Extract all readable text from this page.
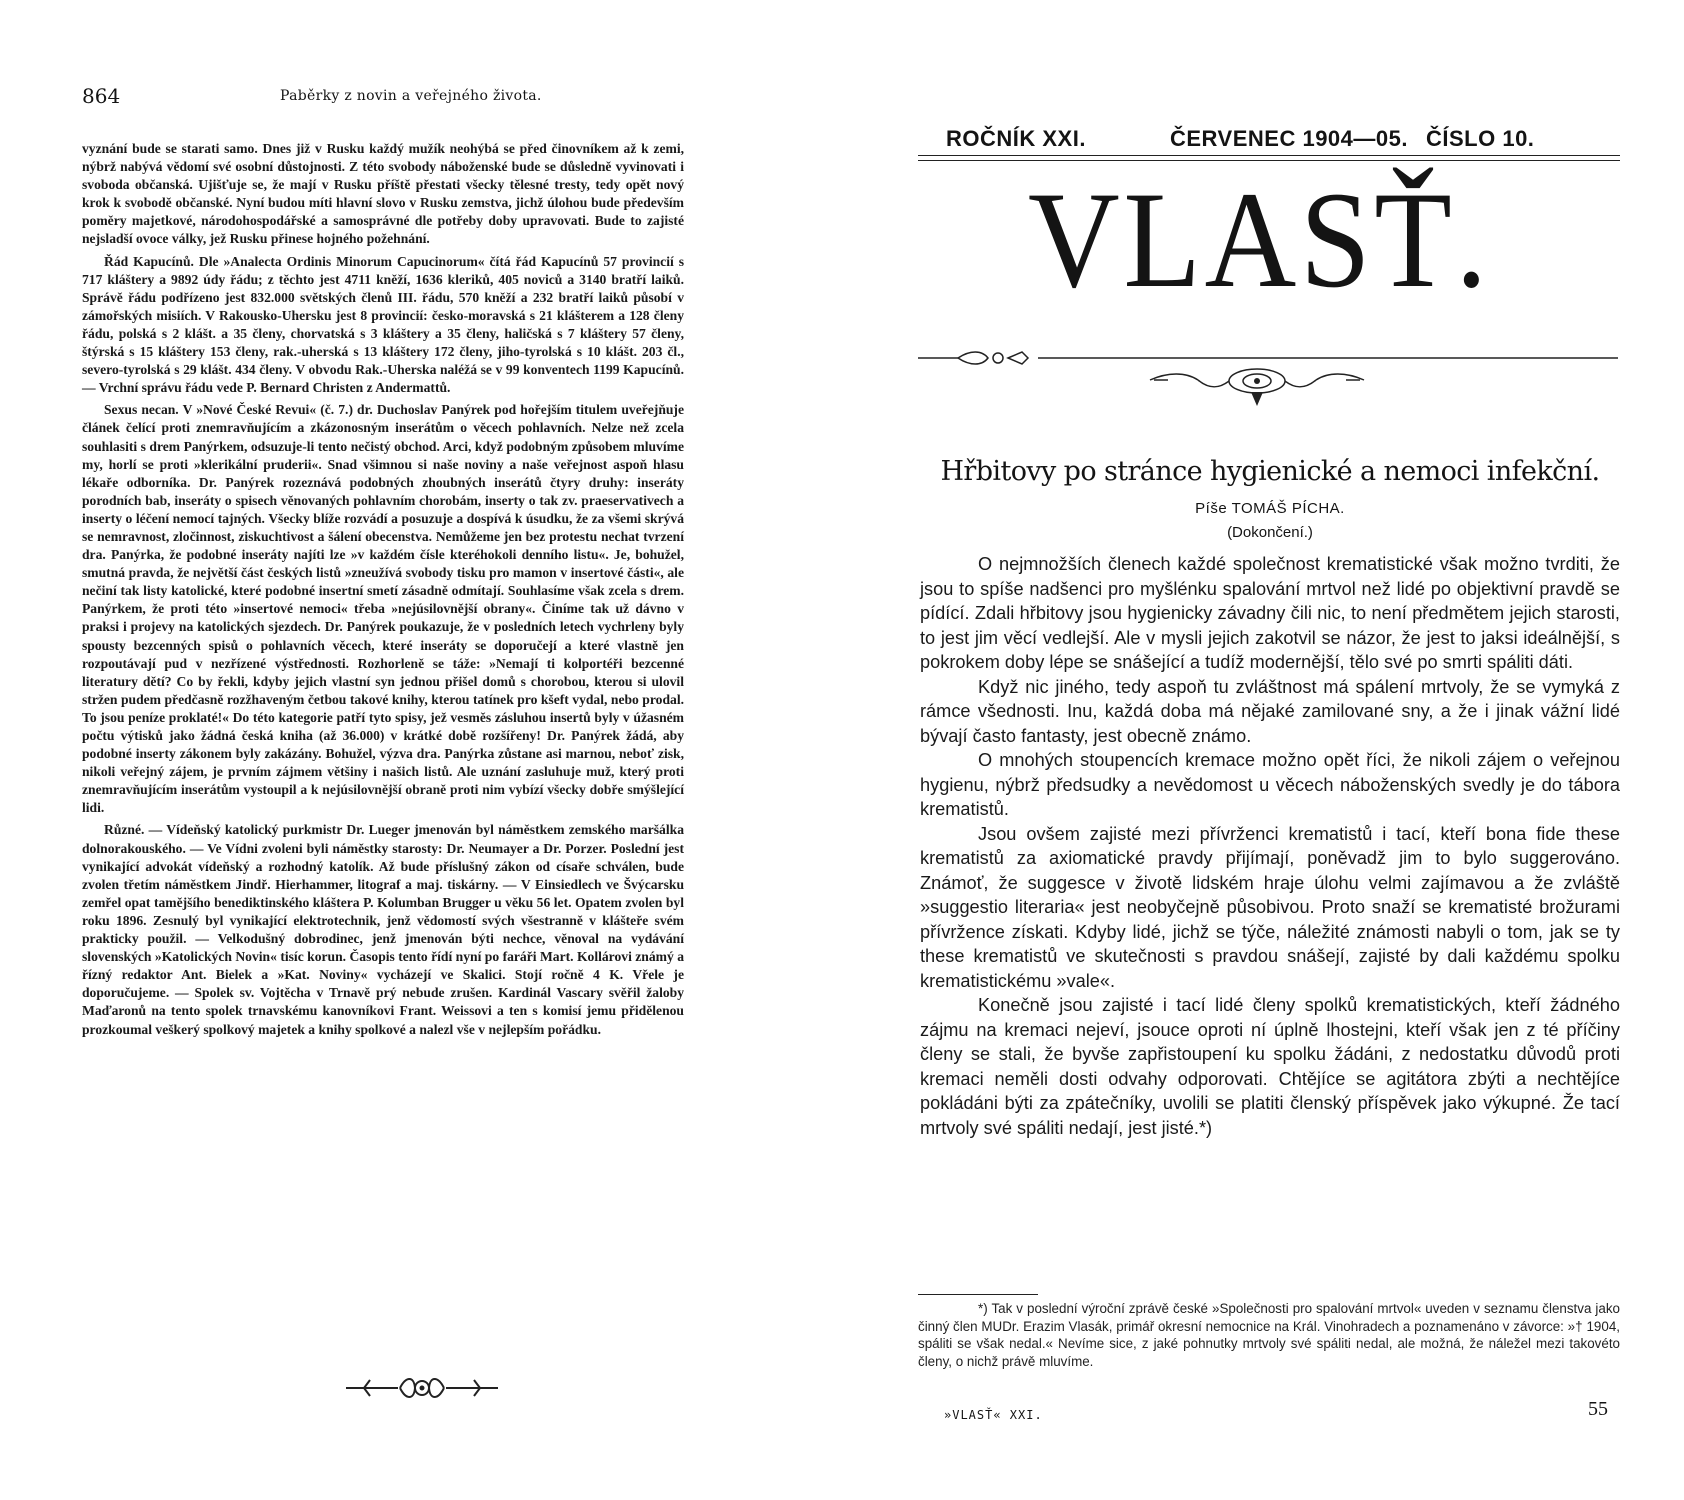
864	Paběrky z novin a veřejného života.

vyznání bude se starati samo. Dnes již v Rusku každý mužík neohýbá se před činovníkem až k zemi, nýbrž nabývá vědomí své osobní důstojnosti. Z této svobody náboženské bude se důsledně vyvinovati i svoboda občanská. Ujišťuje se, že mají v Rusku příště přestati všecky tělesné tresty, tedy opět nový krok k svobodě občanské. Nyní budou míti hlavní slovo v Rusku zemstva, jichž úlohou bude především poměry majetkové, národohospodářské a samosprávné dle potřeby doby upravovati. Bude to zajisté nejsladší ovoce války, jež Rusku přinese hojného požehnání.

Řád Kapucínů. Dle »Analecta Ordinis Minorum Capucinorum« čítá řád Kapucínů 57 provincií s 717 kláštery a 9892 údy řádu; z těchto jest 4711 kněží, 1636 kleriků, 405 noviců a 3140 bratří laiků. Správě řádu podřízeno jest 832.000 světských členů III. řádu, 570 kněží a 232 bratří laiků působí v zámořských misiích. V Rakousko-Uhersku jest 8 provincií: česko-moravská s 21 klášterem a 128 členy řádu, polská s 2 klášt. a 35 členy, chorvatská s 3 kláštery a 35 členy, haličská s 7 kláštery 57 členy, štýrská s 15 kláštery 153 členy, rak.-uherská s 13 kláštery 172 členy, jiho-tyrolská s 10 klášt. 203 čl., severo-tyrolská s 29 klášt. 434 členy. V obvodu Rak.-Uherska naléžá se v 99 konventech 1199 Kapucínů. — Vrchní správu řádu vede P. Bernard Christen z Andermattů.

Sexus necan. V »Nové České Revui« (č. 7.) dr. Duchoslav Panýrek pod hořejším titulem uveřejňuje článek čelící proti znemravňujícím a zkázonosným inserátům o věcech pohlavních. Nelze než zcela souhlasiti s drem Panýrkem, odsuzuje-li tento nečistý obchod. Arci, když podobným způsobem mluvíme my, horlí se proti »klerikální pruderii«. Snad všimnou si naše noviny a naše veřejnost aspoň hlasu lékaře odborníka. Dr. Panýrek rozeznává podobných zhoubných inserátů čtyry druhy: inseráty porodních bab, inseráty o spisech věnovaných pohlavním chorobám, inserty o tak zv. praeservativech a inserty o léčení nemocí tajných. Všecky blíže rozvádí a posuzuje a dospívá k úsudku, že za všemi skrývá se nemravnost, zločinnost, ziskuchtivost a šálení obecenstva. Nemůžeme jen bez protestu nechat tvrzení dra. Panýrka, že podobné inseráty najíti lze »v každém čísle kteréhokoli denního listu«. Je, bohužel, smutná pravda, že největší část českých listů »zneužívá svobody tisku pro mamon v insertové části«, ale nečiní tak listy katolické, které podobné insertní smetí zásadně odmítají. Souhlasíme však zcela s drem. Panýrkem, že proti této »insertové nemoci« třeba »nejúsilovnější obrany«. Činíme tak už dávno v praksi i projevy na katolických sjezdech. Dr. Panýrek poukazuje, že v posledních letech vychrleny byly spousty bezcenných spisů o pohlavních věcech, které inseráty se doporučejí a které vlastně jen rozpoutávají pud v nezřízené výstřednosti. Rozhorleně se táže: »Nemají ti kolportéři bezcenné literatury dětí? Co by řekli, kdyby jejich vlastní syn jednou přišel domů s chorobou, kterou si ulovil stržen pudem předčasně rozžhaveným četbou takové knihy, kterou tatínek pro kšeft vydal, nebo prodal. To jsou peníze proklaté!« Do této kategorie patří tyto spisy, jež vesměs zásluhou insertů byly v úžasném počtu výtisků jako žádná česká kniha (až 36.000) v krátké době rozšířeny! Dr. Panýrek žádá, aby podobné inserty zákonem byly zakázány. Bohužel, výzva dra. Panýrka zůstane asi marnou, neboť zisk, nikoli veřejný zájem, je prvním zájmem většiny i našich listů. Ale uznání zasluhuje muž, který proti znemravňujícím inserátům vystoupil a k nejúsilovnější obraně proti nim vybízí všecky dobře smýšlející lidi.

Různé. — Vídeňský katolický purkmistr Dr. Lueger jmenován byl náměstkem zemského maršálka dolnorakouského. — Ve Vídni zvoleni byli náměstky starosty: Dr. Neumayer a Dr. Porzer. Poslední jest vynikající advokát vídeňský a rozhodný katolík. Až bude příslušný zákon od císaře schválen, bude zvolen třetím náměstkem Jindř. Hierhammer, litograf a maj. tiskárny. — V Einsiedlech ve Švýcarsku zemřel opat tamějšího benediktinského kláštera P. Kolumban Brugger u věku 56 let. Opatem zvolen byl roku 1896. Zesnulý byl vynikající elektrotechnik, jenž vědomostí svých všestranně v klášteře svém prakticky použil. — Velkodušný dobrodinec, jenž jmenován býti nechce, věnoval na vydávání slovenských »Katolických Novin« tisíc korun. Časopis tento řídí nyní po faráři Mart. Kollárovi známý a řízný redaktor Ant. Bielek a »Kat. Noviny« vycházejí ve Skalici. Stojí ročně 4 K. Vřele je doporučujeme. — Spolek sv. Vojtěcha v Trnavě prý nebude zrušen. Kardinál Vascary svěřil žaloby Maďaronů na tento spolek trnavskému kanovníkovi Frant. Weissovi a ten s komisí jemu přidělenou prozkoumal veškerý spolkový majetek a knihy spolkové a nalezl vše v nejlepším pořádku.

ROČNÍK XXI.	ČERVENEC 1904—05. ČÍSLO 10.
VLASŤ.
Hřbitovy po stránce hygienické a nemoci infekční.
Píše TOMÁŠ PÍCHA.
(Dokončení.)

O nejmnožších členech každé společnost krematistické však možno tvrditi, že jsou to spíše nadšenci pro myšlénku spalování mrtvol než lidé po objektivní pravdě se pídící. Zdali hřbitovy jsou hygienicky závadny čili nic, to není předmětem jejich starosti, to jest jim věcí vedlejší. Ale v mysli jejich zakotvil se názor, že jest to jaksi ideálnější, s pokrokem doby lépe se snášející a tudíž modernější, tělo své po smrti spáliti dáti.

Když nic jiného, tedy aspoň tu zvláštnost má spálení mrtvoly, že se vymyká z rámce všednosti. Inu, každá doba má nějaké zamilované sny, a že i jinak vážní lidé bývají často fantasty, jest obecně známo.

O mnohých stoupencích kremace možno opět říci, že nikoli zájem o veřejnou hygienu, nýbrž předsudky a nevědomost u věcech náboženských svedly je do tábora krematistů.

Jsou ovšem zajisté mezi přívrženci krematistů i tací, kteří bona fide these krematistů za axiomatické pravdy přijímají, poněvadž jim to bylo suggerováno. Známoť, že suggesce v životě lidském hraje úlohu velmi zajímavou a že zvláště »suggestio literaria« jest neobyčejně působivou. Proto snaží se krematisté brožurami přívržence získati. Kdyby lidé, jichž se týče, náležité známosti nabyli o tom, jak se ty these krematistů ve skutečnosti s pravdou snášejí, zajisté by dali každému spolku krematistickému »vale«.

Konečně jsou zajisté i tací lidé členy spolků krematistických, kteří žádného zájmu na kremaci nejeví, jsouce oproti ní úplně lhostejni, kteří však jen z té příčiny členy se stali, že byvše zapřistoupení ku spolku žádáni, z nedostatku důvodů proti kremaci neměli dosti odvahy odporovati. Chtějíce se agitátora zbýti a nechtějíce pokládáni býti za zpátečníky, uvolili se platiti členský příspěvek jako výkupné. Že tací mrtvoly své spáliti nedají, jest jisté.*)

*) Tak v poslední výroční zprávě české »Společnosti pro spalování mrtvol« uveden v seznamu členstva jako činný člen MUDr. Erazim Vlasák, primář okresní nemocnice na Král. Vinohradech a poznamenáno v závorce: »† 1904, spáliti se však nedal.« Nevíme sice, z jaké pohnutky mrtvoly své spáliti nedal, ale možná, že náležel mezi takovéto členy, o nichž právě mluvíme.
»VLASŤ« XXI.	55
